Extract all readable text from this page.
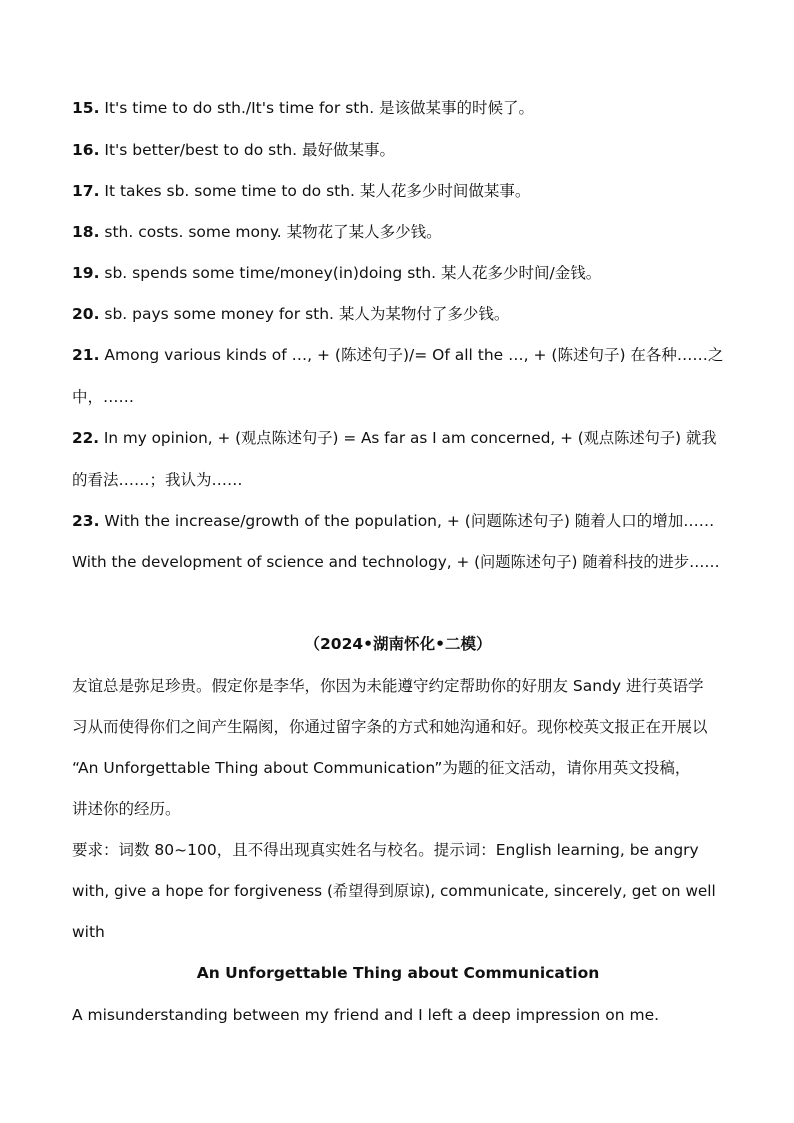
15. It's time to do sth./It's time for sth. 是该做某事的时候了。
16. It's better/best to do sth. 最好做某事。
17. It takes sb. some time to do sth. 某人花多少时间做某事。
18. sth. costs. some mony. 某物花了某人多少钱。
19. sb. spends some time/money(in)doing sth. 某人花多少时间/金钱。
20. sb. pays some money for sth. 某人为某物付了多少钱。
21. Among various kinds of …, + (陈述句子)/= Of all the …, + (陈述句子) 在各种……之
中，……
22. In my opinion, + (观点陈述句子) = As far as I am concerned, + (观点陈述句子) 就我
的看法……；我认为……
23. With the increase/growth of the population, + (问题陈述句子) 随着人口的增加……
With the development of science and technology, + (问题陈述句子) 随着科技的进步……
（2024•湖南怀化•二模）
友谊总是弥足珍贵。假定你是李华，你因为未能遵守约定帮助你的好朋友 Sandy 进行英语学
习从而使得你们之间产生隔阂，你通过留字条的方式和她沟通和好。现你校英文报正在开展以
“An Unforgettable Thing about Communication”为题的征文活动，请你用英文投稿，
讲述你的经历。
要求：词数 80~100，且不得出现真实姓名与校名。提示词：English learning, be angry
with, give a hope for forgiveness (希望得到原谅), communicate, sincerely, get on well
with
An Unforgettable Thing about Communication
A misunderstanding between my friend and I left a deep impression on me.
